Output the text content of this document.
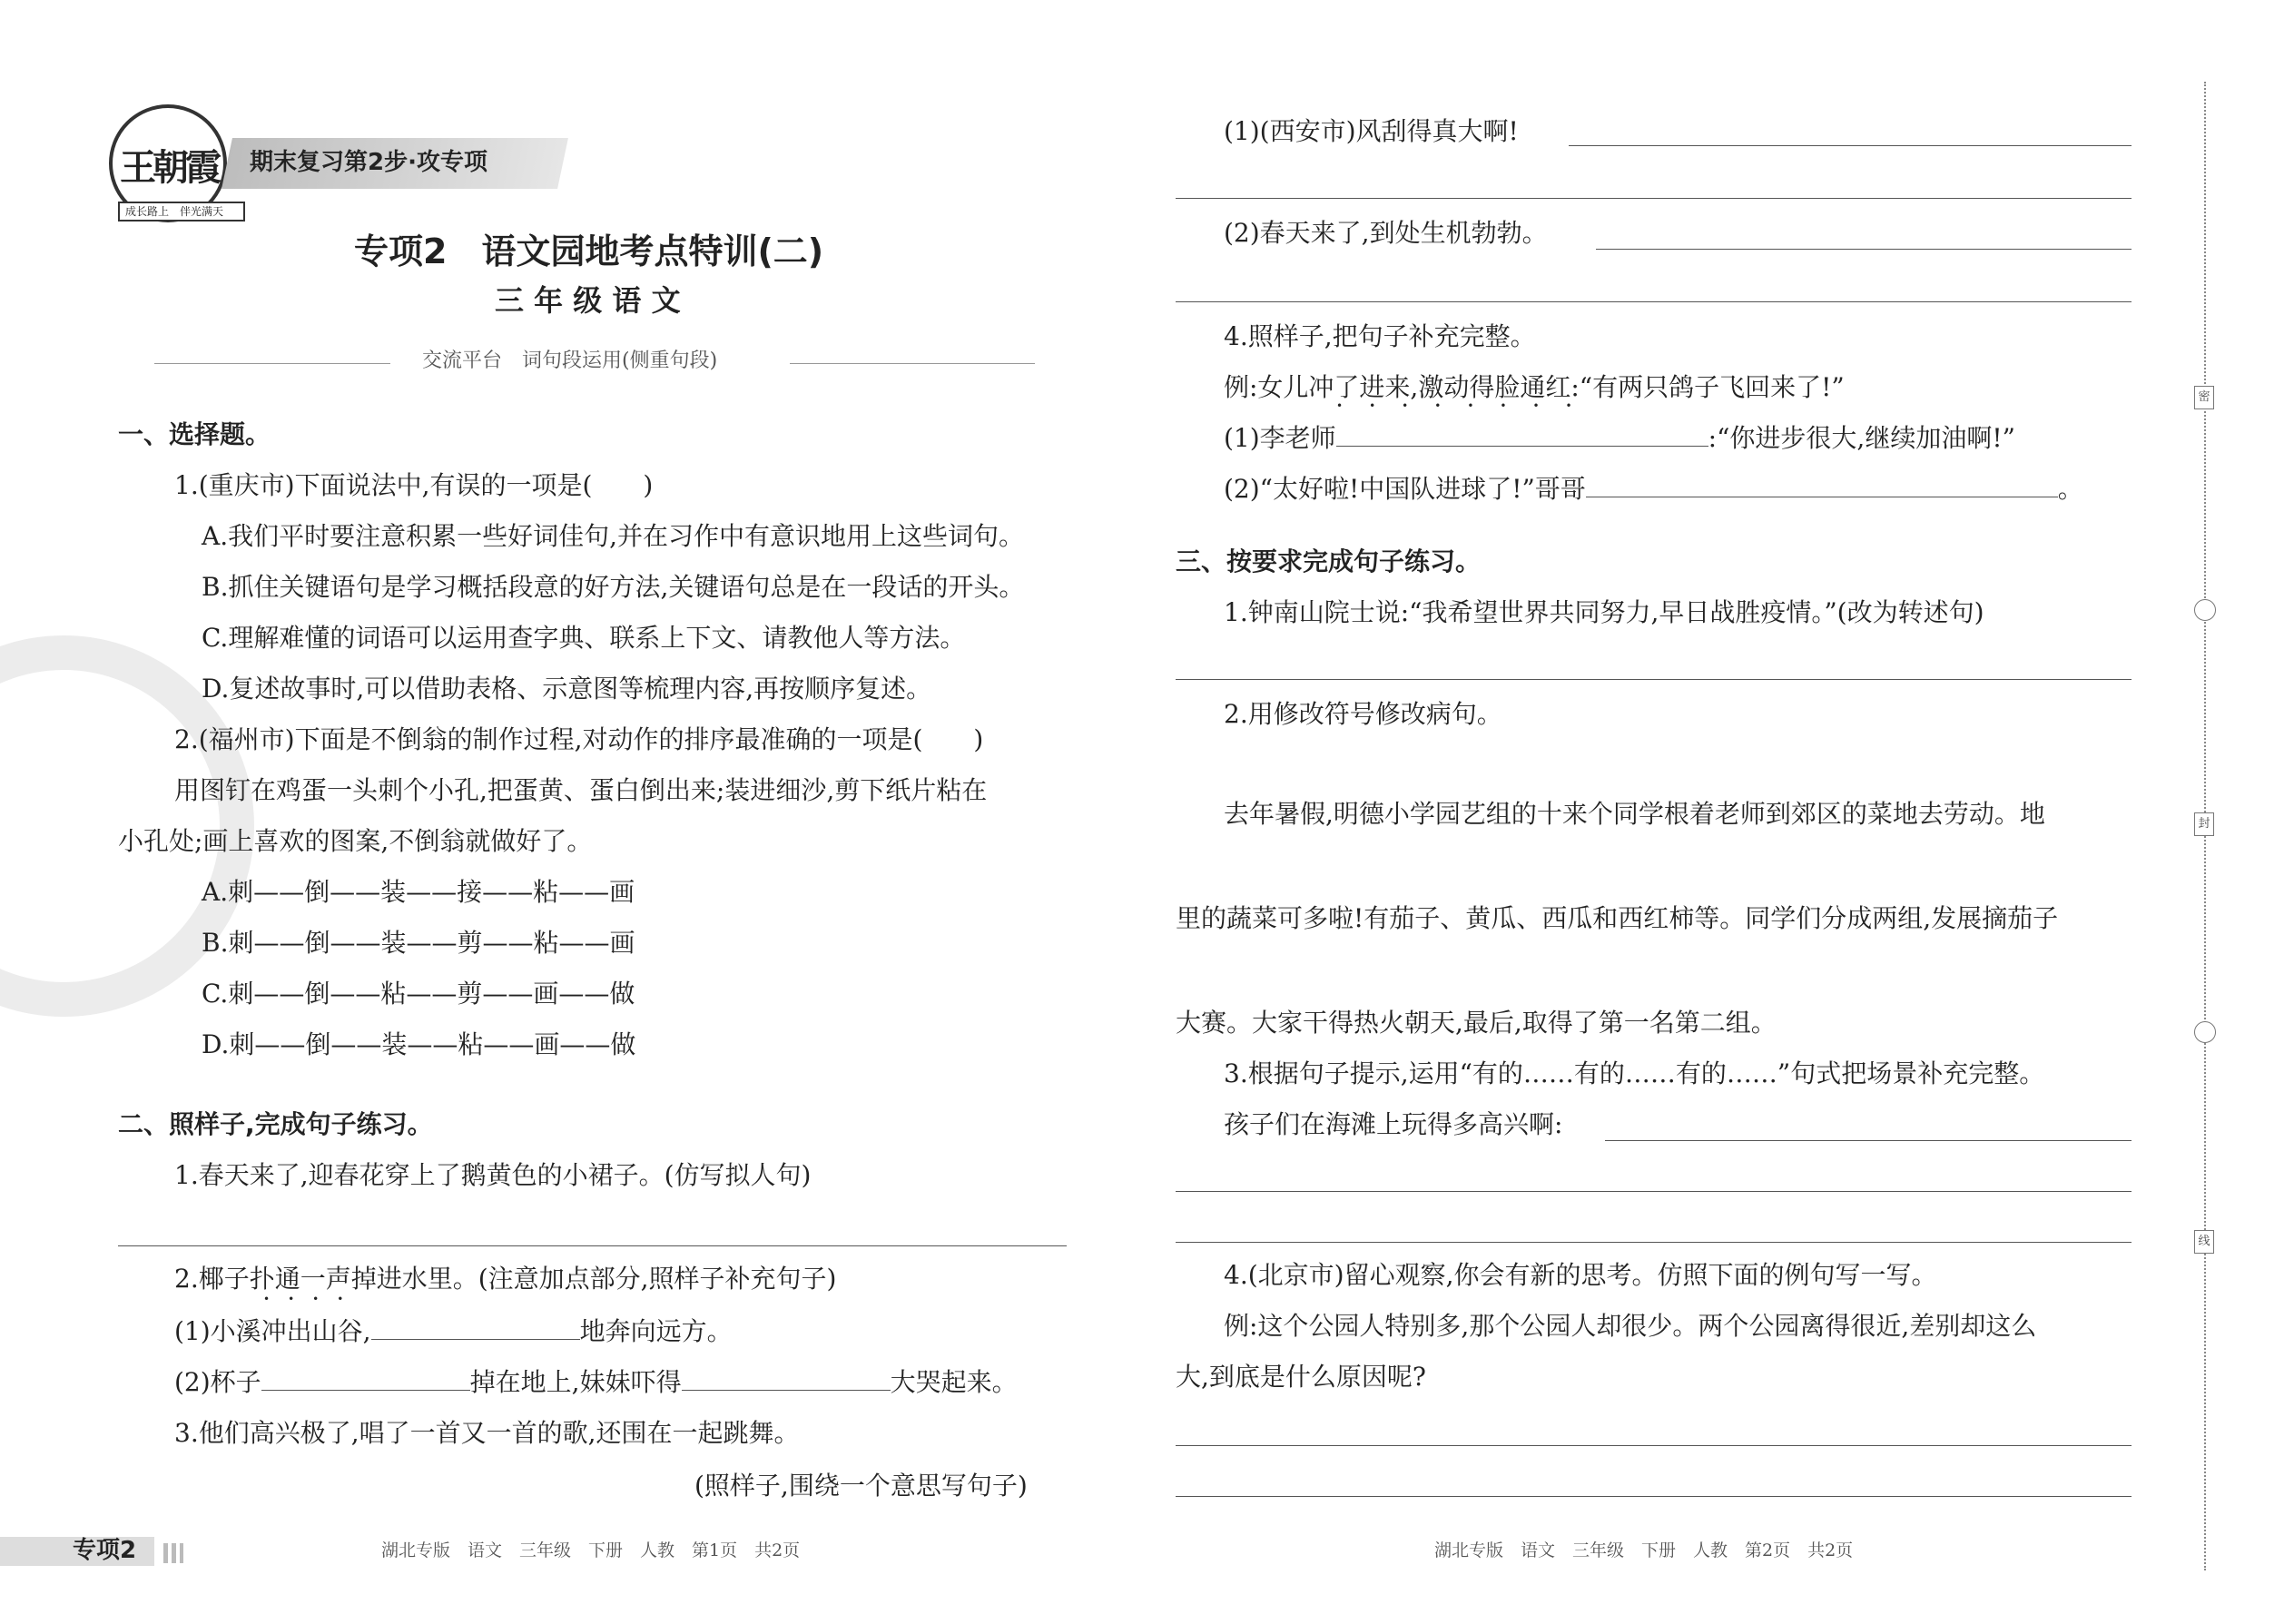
王朝霞
成长路上　 伴光满天
期末复习第2步·攻专项
专项2　语文园地考点特训(二)
三 年 级 语 文
交流平台　词句段运用(侧重句段)
一、选择题。
1.(重庆市)下面说法中,有误的一项是(　　)
A.我们平时要注意积累一些好词佳句,并在习作中有意识地用上这些词句。
B.抓住关键语句是学习概括段意的好方法,关键语句总是在一段话的开头。
C.理解难懂的词语可以运用查字典、联系上下文、请教他人等方法。
D.复述故事时,可以借助表格、示意图等梳理内容,再按顺序复述。
2.(福州市)下面是不倒翁的制作过程,对动作的排序最准确的一项是(　　)
用图钉在鸡蛋一头刺个小孔,把蛋黄、蛋白倒出来;装进细沙,剪下纸片粘在
小孔处;画上喜欢的图案,不倒翁就做好了。
A.刺——倒——装——接——粘——画
B.刺——倒——装——剪——粘——画
C.刺——倒——粘——剪——画——做
D.刺——倒——装——粘——画——做
二、照样子,完成句子练习。
1.春天来了,迎春花穿上了鹅黄色的小裙子。(仿写拟人句)
2.椰子扑通一声掉进水里。(注意加点部分,照样子补充句子)
••••
(1)小溪冲出山谷,	地奔向远方。
(2)杯子	掉在地上,妹妹吓得	大哭起来。
3.他们高兴极了,唱了一首又一首的歌,还围在一起跳舞。
(照样子,围绕一个意思写句子)
专项2	湖北专版　语文　三年级　下册　人教　第1页　共2页
(1)(西安市)风刮得真大啊!
(2)春天来了,到处生机勃勃。
4.照样子,把句子补充完整。
例:女儿冲了进来,激动得脸通红:“有两只鸽子飞回来了!”
••••••••
(1)李老师	:“你进步很大,继续加油啊!”
(2)“太好啦!中国队进球了!”哥哥	。
三、按要求完成句子练习。
1.钟南山院士说:“我希望世界共同努力,早日战胜疫情。”(改为转述句)
2.用修改符号修改病句。
去年暑假,明德小学园艺组的十来个同学根着老师到郊区的菜地去劳动。地
里的蔬菜可多啦!有茄子、黄瓜、西瓜和西红柿等。同学们分成两组,发展摘茄子
大赛。大家干得热火朝天,最后,取得了第一名第二组。
3.根据句子提示,运用“有的……有的……有的……”句式把场景补充完整。
孩子们在海滩上玩得多高兴啊:
4.(北京市)留心观察,你会有新的思考。仿照下面的例句写一写。
例:这个公园人特别多,那个公园人却很少。两个公园离得很近,差别却这么
大,到底是什么原因呢?
湖北专版　语文　三年级　下册　人教　第2页　共2页
密
封
线
